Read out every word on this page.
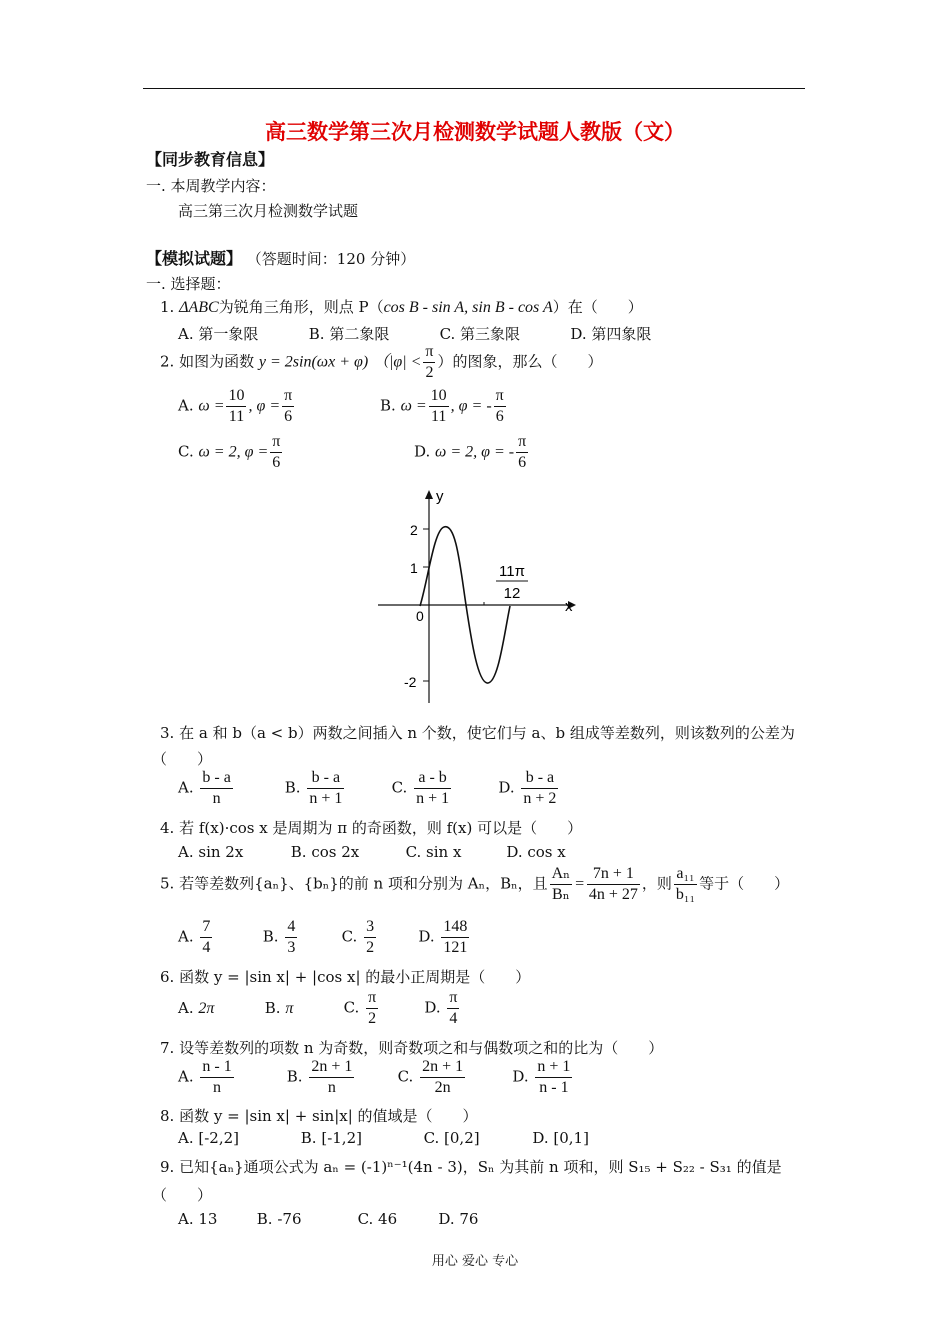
高三数学第三次月检测数学试题人教版（文）
【同步教育信息】
一. 本周教学内容：
高三第三次月检测数学试题
【模拟试题】 （答题时间：120 分钟）
一. 选择题：
1. ΔABC为锐角三角形，则点 P（cos B - sin A, sin B - cos A）在（　　）
A. 第一象限	B. 第二象限	C. 第三象限	D. 第四象限
2. 如图为函数 y = 2sin(ωx + φ) （$|\varphi| < \frac{\pi}{2}$ ）的图象，那么（　　）
A. $\omega = \frac{10}{11}$ , $\varphi = \frac{\pi}{6}$	B. $\omega = \frac{10}{11}$ , φ = - $\frac{\pi}{6}$
C. ω = 2, $\varphi = \frac{\pi}{6}$	D. ω = 2, φ = - $\frac{\pi}{6}$
y
x
0
2
1
-2
11π
12
3. 在 a 和 b（a < b）两数之间插入 n 个数，使它们与 a、b 组成等差数列，则该数列的公差为
（　　）
A. $\frac{b - a}{n}$	B. $\frac{b - a}{n + 1}$	C. $\frac{a - b}{n + 1}$	D. $\frac{b - a}{n + 2}$
4. 若 f(x)·cos x 是周期为 π 的奇函数，则 f(x) 可以是（　　）
A. sin 2x	B. cos 2x	C. sin x	D. cos x
5. 若等差数列{aₙ}、{bₙ}的前 n 项和分别为 Aₙ，Bₙ，且 $\frac{\text{Aₙ}}{\text{Bₙ}} = \frac{7n + 1}{4n + 27}$ ，则 $\frac{\text{a₁₁}}{\text{b₁₁}}$ 等于（　　）
A. $\frac{7}{4}$	B. $\frac{4}{3}$	C. $\frac{3}{2}$	D. $\frac{148}{121}$
6. 函数 y = |sin x| + |cos x| 的最小正周期是（　　）
A. 2π	B. π	C. $\frac{\pi}{2}$	D. $\frac{\pi}{4}$
7. 设等差数列的项数 n 为奇数，则奇数项之和与偶数项之和的比为（　　）
A. $\frac{n - 1}{n}$	B. $\frac{2n + 1}{n}$	C. $\frac{2n + 1}{2n}$	D. $\frac{n + 1}{n - 1}$
8. 函数 y = |sin x| + sin|x| 的值域是（　　）
A. [-2,2]	B. [-1,2]	C. [0,2]	D. [0,1]
9. 已知{aₙ}通项公式为 aₙ = (-1)ⁿ⁻¹(4n - 3)，Sₙ 为其前 n 项和，则 S₁₅ + S₂₂ - S₃₁ 的值是
（　　）
A. 13	B. -76	C. 46	D. 76
用心 爱心 专心
